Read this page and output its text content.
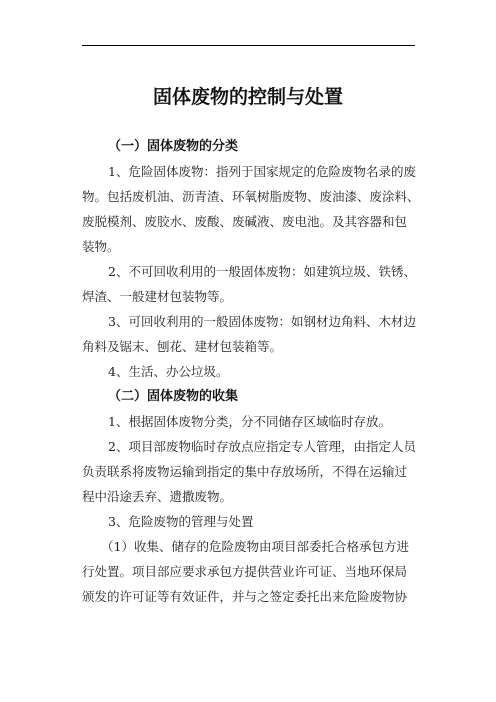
固体废物的控制与处置
（一）固体废物的分类
1、危险固体废物：指列于国家规定的危险废物名录的废
物。包括废机油、沥青渣、环氧树脂废物、废油漆、废涂料、
废脱模剂、废胶水、废酸、废碱液、废电池。及其容器和包
装物。
2、不可回收利用的一般固体废物：如建筑垃圾、铁锈、
焊渣、一般建材包装物等。
3、可回收利用的一般固体废物：如钢材边角料、木材边
角料及锯末、刨花、建材包装箱等。
4、生活、办公垃圾。
（二）固体废物的收集
1、根据固体废物分类，分不同储存区域临时存放。
2、项目部废物临时存放点应指定专人管理，由指定人员
负责联系将废物运输到指定的集中存放场所，不得在运输过
程中沿途丢弃、遗撒废物。
3、危险废物的管理与处置
（1）收集、储存的危险废物由项目部委托合格承包方进
行处置。项目部应要求承包方提供营业许可证、当地环保局
颁发的许可证等有效证件，并与之签定委托出来危险废物协
